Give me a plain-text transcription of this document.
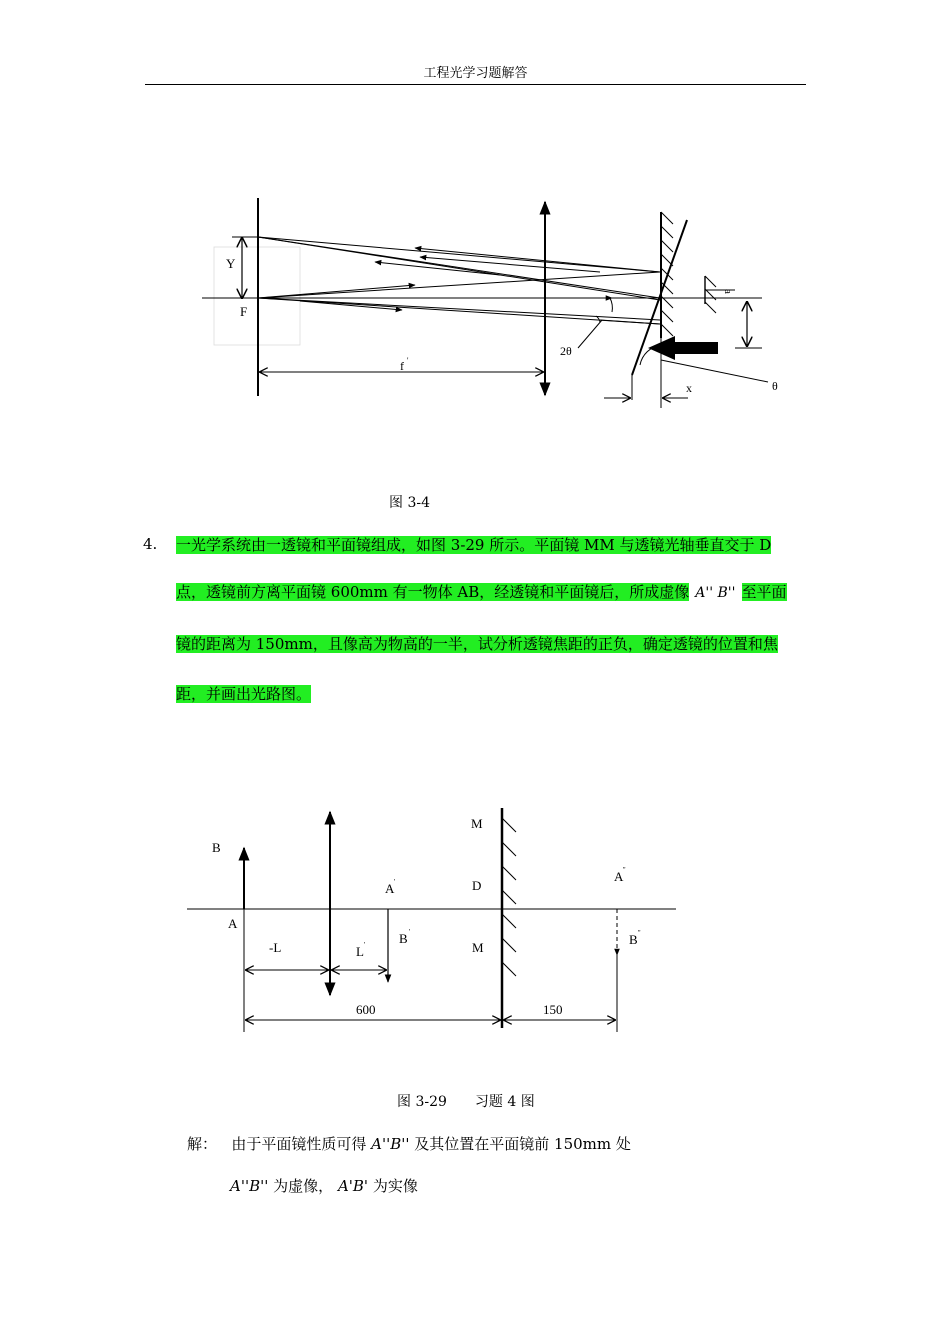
工程光学习题解答
Y
F
f '
2θ
θ
x
a
图 3-4
4. 一光学系统由一透镜和平面镜组成，如图 3-29 所示。平面镜 MM 与透镜光轴垂直交于 D
点，透镜前方离平面镜 600mm 有一物体 AB，经透镜和平面镜后，所成虚像 A'' B'' 至平面
镜的距离为 150mm，且像高为物高的一半，试分析透镜焦距的正负，确定透镜的位置和焦
距，并画出光路图。
B
A
M
D
M
A
B
A
B
-L	L
600	150
'
'
''
''
'
图 3-29　　习题 4 图
解： 由于平面镜性质可得 A''B'' 及其位置在平面镜前 150mm 处
A''B'' 为虚像， A'B' 为实像
